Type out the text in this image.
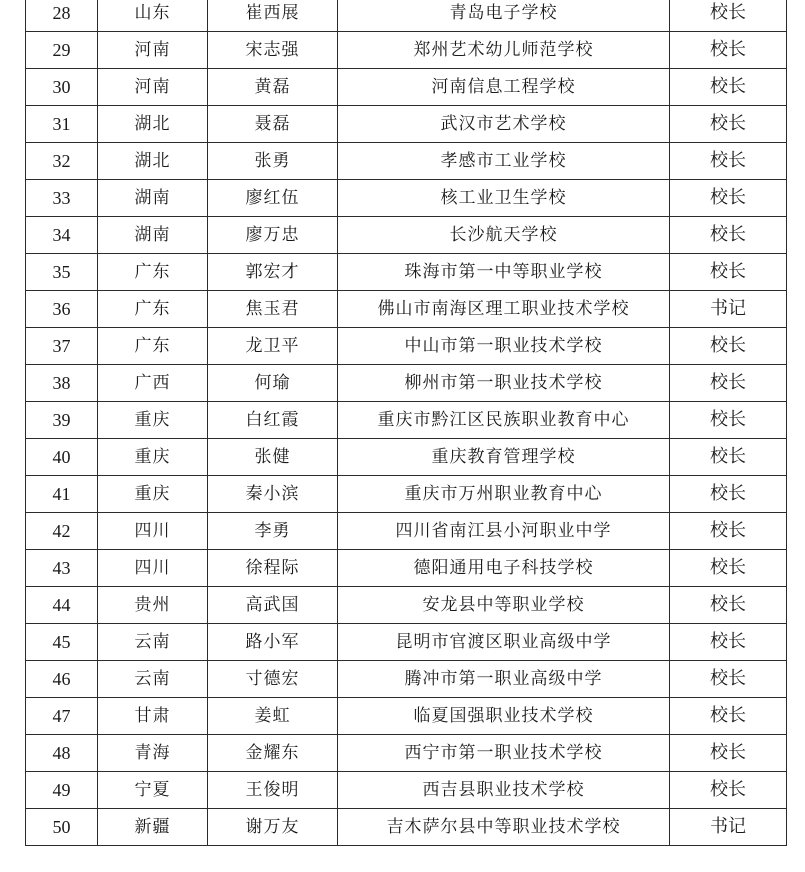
28	山东	崔西展	青岛电子学校	校长
29	河南	宋志强	郑州艺术幼儿师范学校	校长
30	河南	黄磊	河南信息工程学校	校长
31	湖北	聂磊	武汉市艺术学校	校长
32	湖北	张勇	孝感市工业学校	校长
33	湖南	廖红伍	核工业卫生学校	校长
34	湖南	廖万忠	长沙航天学校	校长
35	广东	郭宏才	珠海市第一中等职业学校	校长
36	广东	焦玉君	佛山市南海区理工职业技术学校	书记
37	广东	龙卫平	中山市第一职业技术学校	校长
38	广西	何瑜	柳州市第一职业技术学校	校长
39	重庆	白红霞	重庆市黔江区民族职业教育中心	校长
40	重庆	张健	重庆教育管理学校	校长
41	重庆	秦小滨	重庆市万州职业教育中心	校长
42	四川	李勇	四川省南江县小河职业中学	校长
43	四川	徐程际	德阳通用电子科技学校	校长
44	贵州	高武国	安龙县中等职业学校	校长
45	云南	路小军	昆明市官渡区职业高级中学	校长
46	云南	寸德宏	腾冲市第一职业高级中学	校长
47	甘肃	姜虹	临夏国强职业技术学校	校长
48	青海	金耀东	西宁市第一职业技术学校	校长
49	宁夏	王俊明	西吉县职业技术学校	校长
50	新疆	谢万友	吉木萨尔县中等职业技术学校	书记
